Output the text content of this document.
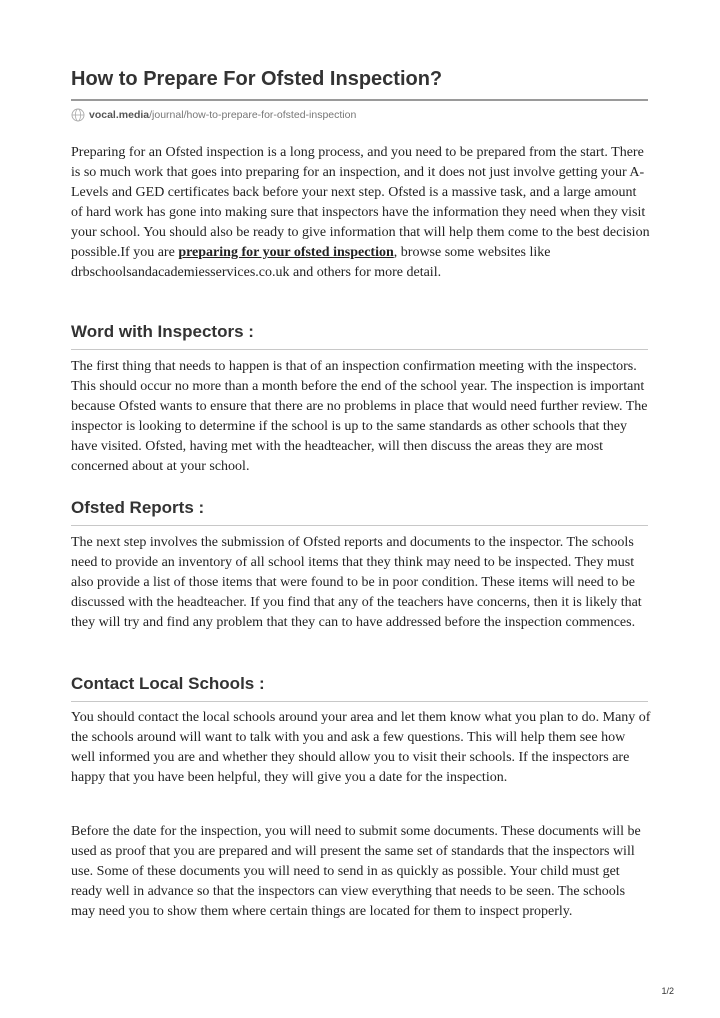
How to Prepare For Ofsted Inspection?
vocal.media /journal/how-to-prepare-for-ofsted-inspection

Preparing for an Ofsted inspection is a long process, and you need to be prepared from the start. There is so much work that goes into preparing for an inspection, and it does not just involve getting your A-Levels and GED certificates back before your next step. Ofsted is a massive task, and a large amount of hard work has gone into making sure that inspectors have the information they need when they visit your school. You should also be ready to give information that will help them come to the best decision possible.If you are preparing for your ofsted inspection, browse some websites like drbschoolsandacademiesservices.co.uk and others for more detail.

Word with Inspectors :

The first thing that needs to happen is that of an inspection confirmation meeting with the inspectors. This should occur no more than a month before the end of the school year. The inspection is important because Ofsted wants to ensure that there are no problems in place that would need further review. The inspector is looking to determine if the school is up to the same standards as other schools that they have visited. Ofsted, having met with the headteacher, will then discuss the areas they are most concerned about at your school.

Ofsted Reports :

The next step involves the submission of Ofsted reports and documents to the inspector. The schools need to provide an inventory of all school items that they think may need to be inspected. They must also provide a list of those items that were found to be in poor condition. These items will need to be discussed with the headteacher. If you find that any of the teachers have concerns, then it is likely that they will try and find any problem that they can to have addressed before the inspection commences.

Contact Local Schools :

You should contact the local schools around your area and let them know what you plan to do. Many of the schools around will want to talk with you and ask a few questions. This will help them see how well informed you are and whether they should allow you to visit their schools. If the inspectors are happy that you have been helpful, they will give you a date for the inspection.

Before the date for the inspection, you will need to submit some documents. These documents will be used as proof that you are prepared and will present the same set of standards that the inspectors will use. Some of these documents you will need to send in as quickly as possible. Your child must get ready well in advance so that the inspectors can view everything that needs to be seen. The schools may need you to show them where certain things are located for them to inspect properly.

1/2
